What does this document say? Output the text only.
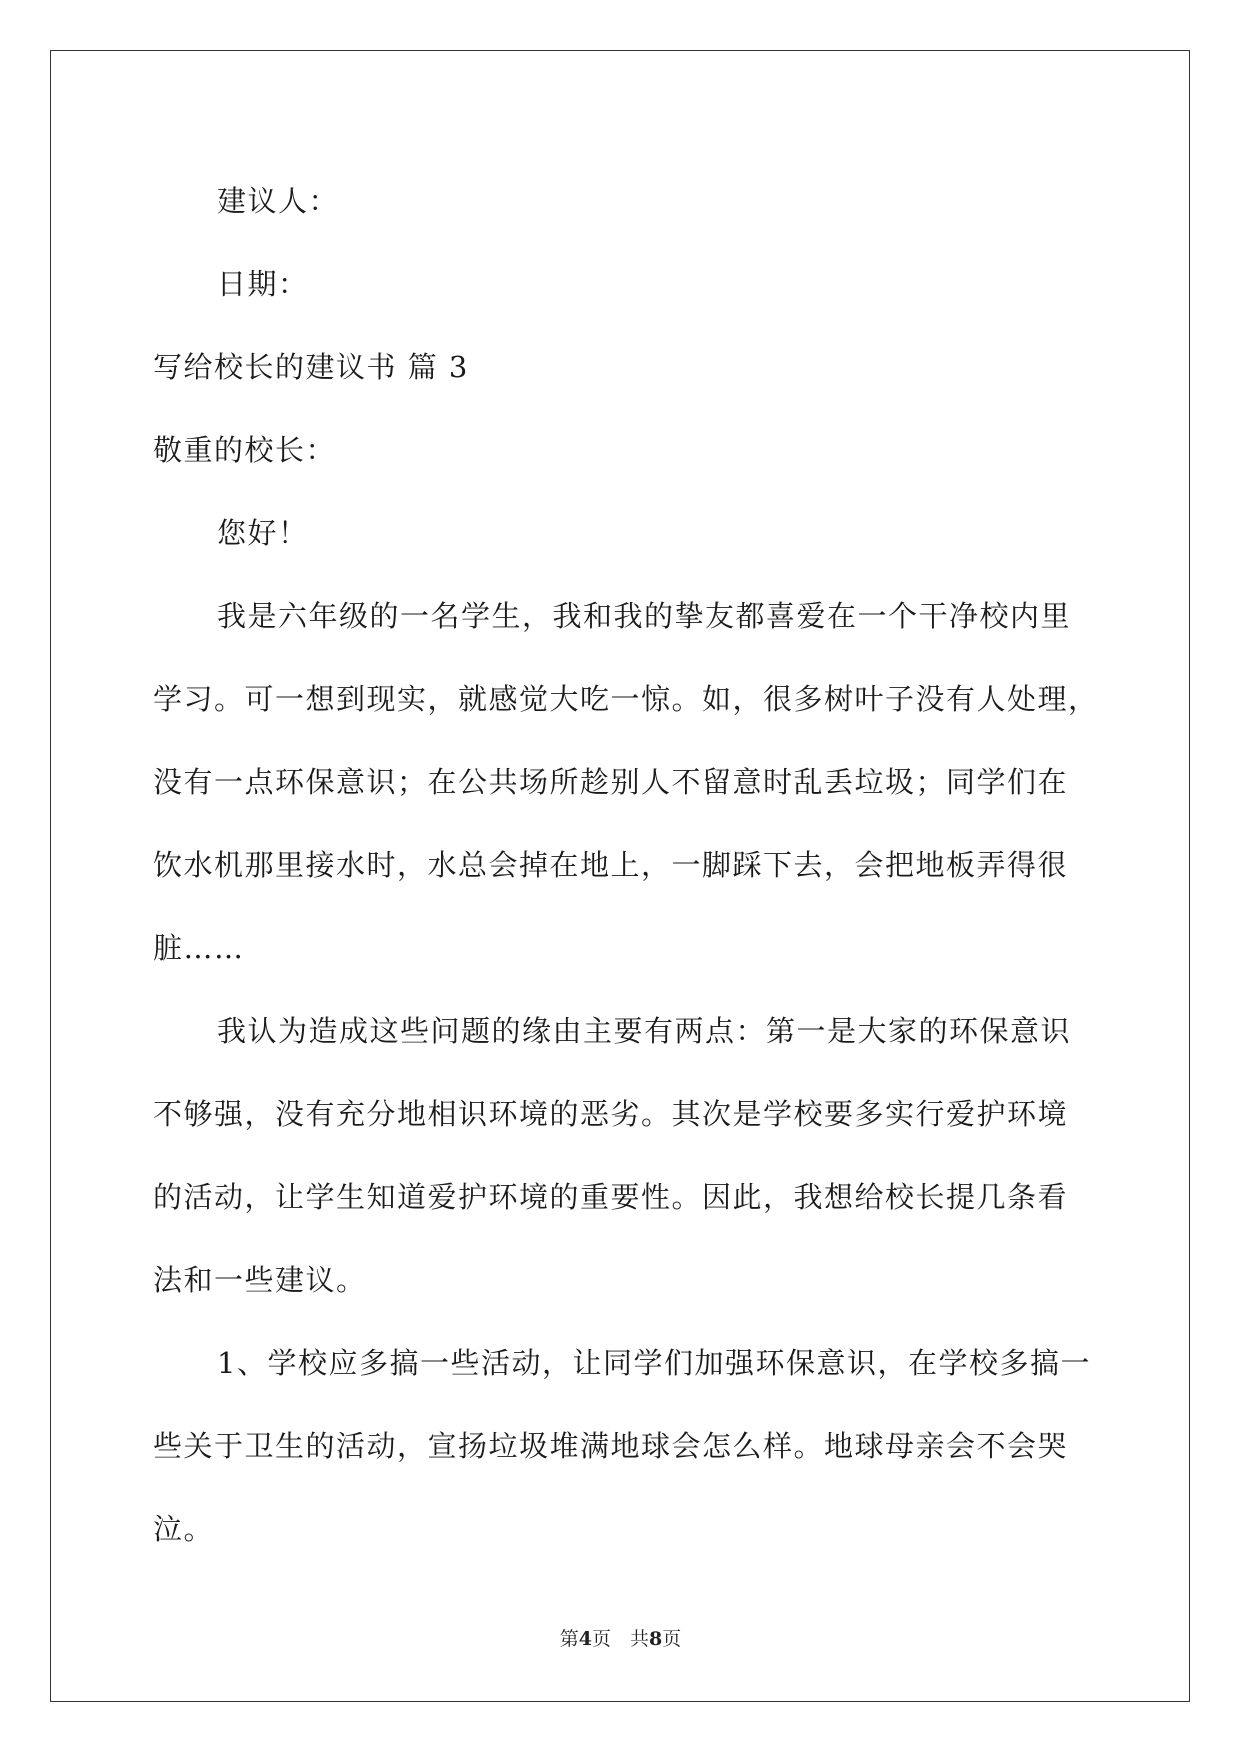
建议人：
日期：
写给校长的建议书 篇 3
敬重的校长：
您好！
我是六年级的一名学生，我和我的挚友都喜爱在一个干净校内里
学习。可一想到现实，就感觉大吃一惊。如，很多树叶子没有人处理，
没有一点环保意识；在公共场所趁别人不留意时乱丢垃圾；同学们在
饮水机那里接水时，水总会掉在地上，一脚踩下去，会把地板弄得很
脏……
我认为造成这些问题的缘由主要有两点：第一是大家的环保意识
不够强，没有充分地相识环境的恶劣。其次是学校要多实行爱护环境
的活动，让学生知道爱护环境的重要性。因此，我想给校长提几条看
法和一些建议。
1、学校应多搞一些活动，让同学们加强环保意识，在学校多搞一
些关于卫生的活动，宣扬垃圾堆满地球会怎么样。地球母亲会不会哭
泣。
第4页　共8页
